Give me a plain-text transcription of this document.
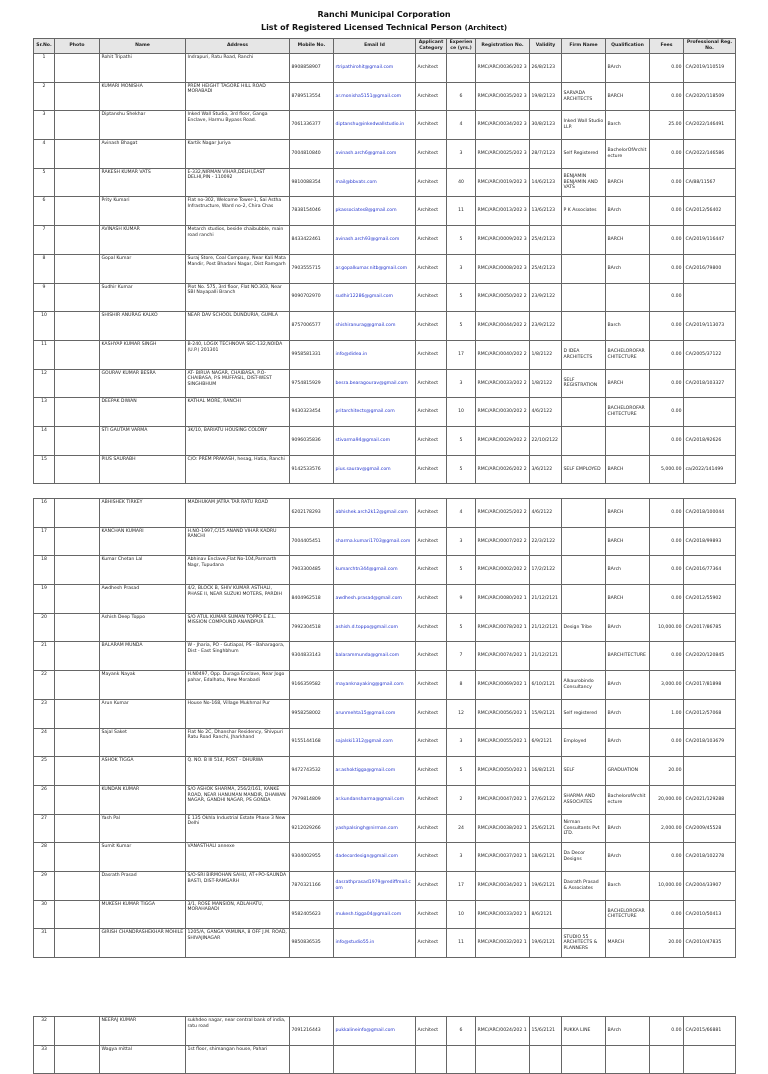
Ranchi Municipal Corporation
List of Registered Licensed Technical Person (Architect)
Sr.No.	Photo	Name	Address	Mobile No.	Email Id	Applicant Category	Experience (yrs.)	Registration No.	Validity	Firm Name	Qualification	Fees	Professional Reg. No.
1		Rohit Tripathi	Indrapuri, Ratu Road, Ranchi	8908858907	rtripathirohit@gmail.com	Architect		RMC/ARC/0036/202 3	26/8/2123		BArch	0.00	CA/2019/110519
2		KUMARI MONISHA	PREM HEIGHT TAGORE HILL ROAD MORABADI	8789513554	ar.monisha5151@gmail.com	Architect	6	RMC/ARC/0035/202 3	19/8/2123	SARVADA ARCHITECTS	BARCH	0.00	CA/2020/118509
3		Diptanshu Shekhar	Inked Wall Studio, 3rd floor, Ganga Enclave, Harmu Bypass Road.	7061336377	diptanshu@inkedwallstudio.in	Architect	4	RMC/ARC/0034/202 3	30/8/2123	Inked Wall Studio LLP.	Barch	25.00	CA/2022/146491
4		Avinash Bhagat	Kartik Nagar Juriya	7004810840	avinash.arch6@gmail.com	Architect	3	RMC/ARC/0025/202 3	28/7/2123	Self Registered	BachelorOfArchitecture	0.00	CA/2022/146586
5		RAKESH KUMAR VATS	E-332,NIRMAN VIHAR,DELHI,EAST DELHI,PIN - 110092	9810088354	mail@bbvats.com	Architect	40	RMC/ARC/0019/202 3	14/6/2123	BENJAMIN BENJAMIN AND VATS	BARCH	0.00	CA/88/11567
6		Prity Kumari	Flat no-302, Welcome Tower-1, Sai Astha Infrastructure, Ward no-2, Chira Chas	7838154046	pkassociates8@gmail.com	Architect	11	RMC/ARC/0013/202 3	13/6/2123	P K Associates	BArch	0.00	CA/2012/56402
7		AVINASH KUMAR	Metarch studios, beside chaibubble, main road ranchi	8433422461	avinash.arch93@gmail.com	Architect	5	RMC/ARC/0009/202 3	25/4/2123		BARCH	0.00	CA/2019/116447
8		Gopal Kumar	Suraj Store, Coal Company, Near Kali Mata Mandir, Post Bhadani Nagar, Dist Ramgarh	7903555715	ar.gopalkumar.nitb@gmail.com	Architect	3	RMC/ARC/0008/202 3	25/4/2123		BArch	0.00	CA/2016/79800
9		Sudhir Kumar	Plot No. 575, 3rd floor, Flat NO.303, Near SBI Nayapalli Branch	9090702970	sudhir12286@gmail.com	Architect	5	RMC/ARC/0050/202 2	23/9/2122			0.00	
10		SHISHIR ANURAG KALKO	NEAR DAV SCHOOL DUNDURIA, GUMLA	8757006577	shishiranurag@gmail.com	Architect	5	RMC/ARC/0044/202 2	23/9/2122		Barch	0.00	CA/2019/113073
11		KASHYAP KUMAR SINGH	B-240, LOGIX TECHNOVA SEC-132,NOIDA (U.P.) 201301	9958581331	info@didea.in	Architect	17	RMC/ARC/0040/202 2	1/8/2122	D IDEA ARCHITECTS	BACHELOROFARCHITECTURE	0.00	CA/2005/37122
12		GOURAV KUMAR BESRA	AT- BIRUA NAGAR, CHAIBASA, P.O-CHAIBASA, P.S MUFFASIL, DIST-WEST SINGHBHUM	9754815929	besra.bearagourav@gmail.com	Architect	3	RMC/ARC/0033/202 2	1/8/2122	SELF REGISTRATION	BARCH	0.00	CA/2018/103327
13		DEEPAK DIWAN	KATHAL MORE, RANCHI	9430323454	pritarchitects@gmail.com	Architect	10	RMC/ARC/0030/202 2	4/6/2122		BACHELOROFARCHITECTURE	0.00	
14		STI GAUTAM VARMA	3K/10, BARIATU HOUSING COLONY	9096035836	stivarma94@gmail.com	Architect	5	RMC/ARC/0029/202 2	22/10/2122			0.00	CA/2018/92626
15		PIUS SAURABH	C/O: PREM PRAKASH, hesag, Hatia, Ranchi	9142533576	pius.saurav@gmail.com	Architect	5	RMC/ARC/0026/202 2	3/6/2122	SELF EMPLOYED	BARCH	5,000.00	ca/2022/141499
16		ABHISHEK TIRKEY	MADHUKAM JATRA TAR RATU ROAD	6202178293	abhishek.arch2k12@gmail.com	Architect	4	RMC/ARC/0025/202 2	4/6/2122		BARCH	0.00	CA/2018/100044
17		KANCHAN KUMARI	H.NO-1997,C/15 ANAND VIHAR KADRU RANCHI	7004405451	sharma.kumari1703@gmail.com	Architect	3	RMC/ARC/0007/202 2	22/3/2122		BARCH	0.00	CA/2018/99893
18		Kumar Chetan Lal	Abhinav Enclave,Flat No-104,Parmarth Nagr, Tupudana	7903300485	kumarchtn344@gmail.com	Architect	5	RMC/ARC/0002/202 2	17/2/2122		BArch	0.00	CA/2016/77364
19		Awdhesh Prasad	4/2, BLOCK B, SHIV KUMAR ASTHALI, PHASE II, NEAR SUZUKI MOTERS, PARDIH	8404962518	awdhesh.prasad@gmail.com	Architect	9	RMC/ARC/0080/202 1	21/12/2121		BARCH	0.00	CA/2012/55902
20		Ashish Deep Toppo	S/O ATUL KUMAR SUMAN TOPPO E.E.L. MISSION COMPOUND ANANDPUR	7992304518	ashish.d.toppo@gmail.com	Architect	5	RMC/ARC/0078/202 1	21/12/2121	Design Tribe	BArch	10,000.00	CA/2017/86785
21		BALARAM MUNDA	W - Jharia, PO - Gutiapal, PS - Baharagora, Dist - East Singhbhum	9304833143	balarammunda@gmail.com	Architect	7	RMC/ARC/0074/202 1	21/12/2121		BARCHITECTURE	0.00	CA/2020/120845
22		Mayank Nayak	H.N0497, Opp. Duraga Enclave, Near Jogo pahar, Edalhatu, New Morabadi	9166359582	mayanknayaking@gmail.com	Architect	8	RMC/ARC/0069/202 1	6/10/2121	Alkaurobindo Consultancy	BArch	3,000.00	CA/2017/81898
23		Arun Kumar	House No-168, Village Mukhmal Pur	9958258002	arunmehta15@gmail.com	Architect	12	RMC/ARC/0056/202 1	15/9/2121	Self registered	BArch	1.00	CA/2012/57068
24		Sajal Saket	Flat No 2C, Dhanshar Residency, Shivpuri Ratu Road Ranchi, Jharkhand	9155144168	sajalski1312@gmail.com	Architect	3	RMC/ARC/0055/202 1	6/9/2121	Employed	BArch	0.00	CA/2018/103679
25		ASHOK TIGGA	Q. NO. B III 514, POST - DHURWA	9472743532	ar.ashoktigga@gmail.com	Architect	5	RMC/ARC/0050/202 1	16/8/2121	SELF	GRADUATION	20.00	
26		KUNDAN KUMAR	S/O ASHOK SHARMA, 256/2/161, KANKE ROAD, NEAR HANUMAN MANDIR, DHAWAN NAGAR, GANDHI NAGAR, PS GONDA	7979814809	ar.kundansharma@gmail.com	Architect	2	RMC/ARC/0047/202 1	27/6/2122	SHARMA AND ASSOCIATES	BachelorofArchitecture	20,000.00	CA/2021/129288
27		Yash Pal	E 135 Okhla Industrial Estate Phase 3 New Delhi	9212029266	yashpalsingh@nirman.com	Architect	24	RMC/ARC/0038/202 1	25/6/2121	Nirman Consultants Pvt LTD.	BArch	2,000.00	CA/2009/45528
28		Sumit Kumar	VANASTHALI annexe	9304002955	dadecordesign@gmail.com	Architect	3	RMC/ARC/0037/202 1	18/6/2121	Da Decor Designs	BArch	0.00	CA/2018/102278
29		Dasrath Prasad	S/O-SRI BIRMOHAN SAHU, AT+PO-SAUNDA BASTI, DIST-RAMGARH	7870321166	dasrathprasad1979@rediffmail.com	Architect	17	RMC/ARC/0034/202 1	19/6/2121	Dasrath Prasad & Associates	Barch	10,000.00	CA/2004/33907
30		MUKESH KUMAR TIGGA	3/1, ROSE MANSION, ADLAHATU, MORAHABADI	9582405623	mukesh.tigga04@gmail.com	Architect	10	RMC/ARC/0033/202 1	8/6/2121		BACHELOROFARCHITECTURE	0.00	CA/2010/50413
31		GIRISH CHANDRASHEKHAR MOHILE	1205/A, GANGA YAMUNA, 8 OFF J.M. ROAD, SHIVAJINAGAR	9850836535	info@studio55.in	Architect	11	RMC/ARC/0032/202 1	19/6/2121	STUDIO 55 ARCHITECTS & PLANNERS	MARCH	20.00	CA/2010/47835
32		NEERAJ KUMAR	sukhdeo nagar, near central bank of india, ratu road	7091216443	pukkalineinfo@gmail.com	Architect	6	RMC/ARC/0024/202 1	15/6/2121	PUKKA LINE	BArch	0.00	CA/2015/66881
33		Wagya mittal	1st floor, shimangan house, Pahari										
